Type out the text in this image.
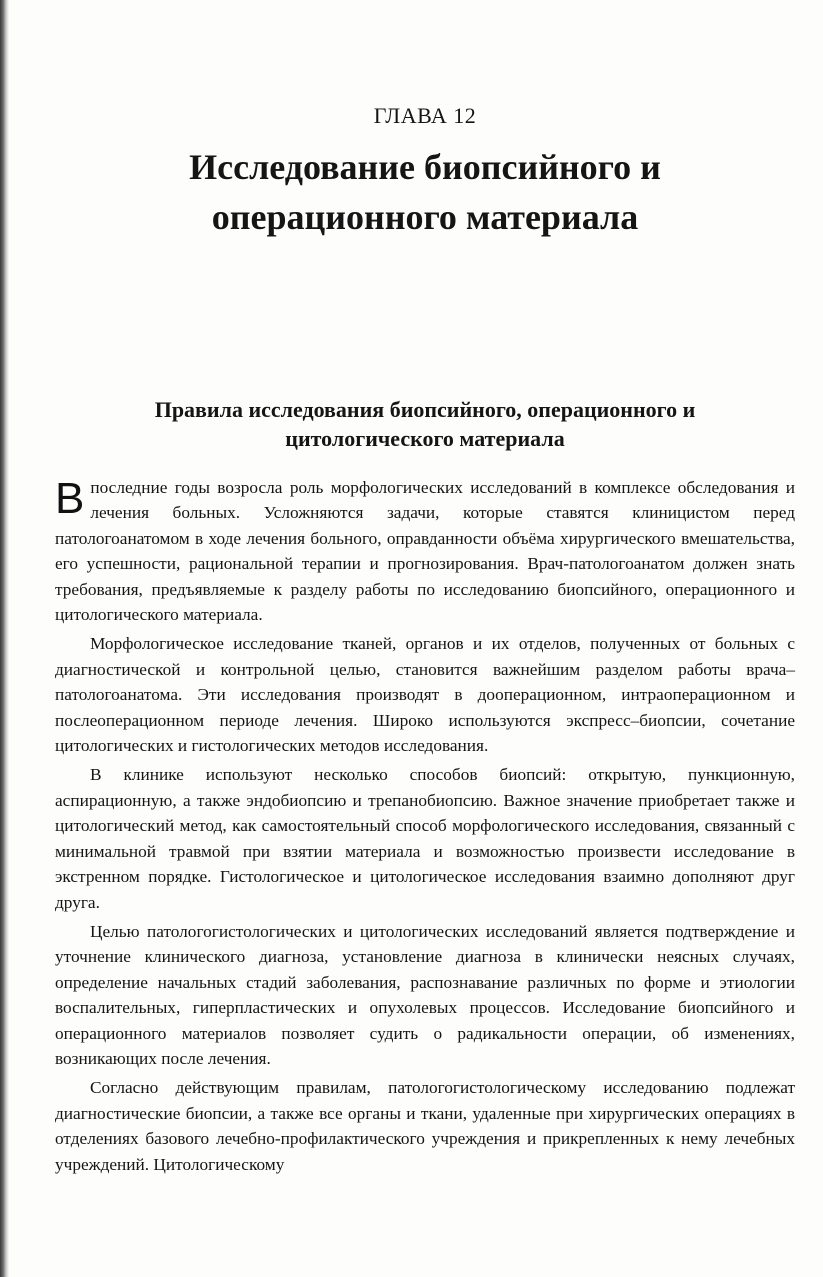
ГЛАВА 12
Исследование биопсийного и
операционного материала
Правила исследования биопсийного, операционного и
цитологического материала

Впоследние годы возросла роль морфологических исследований в комплексе обследования и лечения больных. Усложняются задачи, которые ставятся клиницистом перед патологоанатомом в ходе лечения больного, оправданности объёма хирургического вмешательства, его успешности, рациональной терапии и прогнозирования. Врач-патологоанатом должен знать требования, предъявляемые к разделу работы по исследованию биопсийного, операционного и цитологического материала.

Морфологическое исследование тканей, органов и их отделов, полученных от больных с диагностической и контрольной целью, становится важнейшим разделом работы врача–патологоанатома. Эти исследования производят в дооперационном, интраоперационном и послеоперационном периоде лечения. Широко используются экспресс–биопсии, сочетание цитологических и гистологических методов исследования.

В клинике используют несколько способов биопсий: открытую, пункционную, аспирационную, а также эндобиопсию и трепанобиопсию. Важное значение приобретает также и цитологический метод, как самостоятельный способ морфологического исследования, связанный с минимальной травмой при взятии материала и возможностью произвести исследование в экстренном порядке. Гистологическое и цитологическое исследования взаимно дополняют друг друга.

Целью патологогистологических и цитологических исследований является подтверждение и уточнение клинического диагноза, установление диагноза в клинически неясных случаях, определение начальных стадий заболевания, распознавание различных по форме и этиологии воспалительных, гиперпластических и опухолевых процессов. Исследование биопсийного и операционного материалов позволяет судить о радикальности операции, об изменениях, возникающих после лечения.

Согласно действующим правилам, патологогистологическому исследованию подлежат диагностические биопсии, а также все органы и ткани, удаленные при хирургических операциях в отделениях базового лечебно-профилактического учреждения и прикрепленных к нему лечебных учреждений. Цитологическому
